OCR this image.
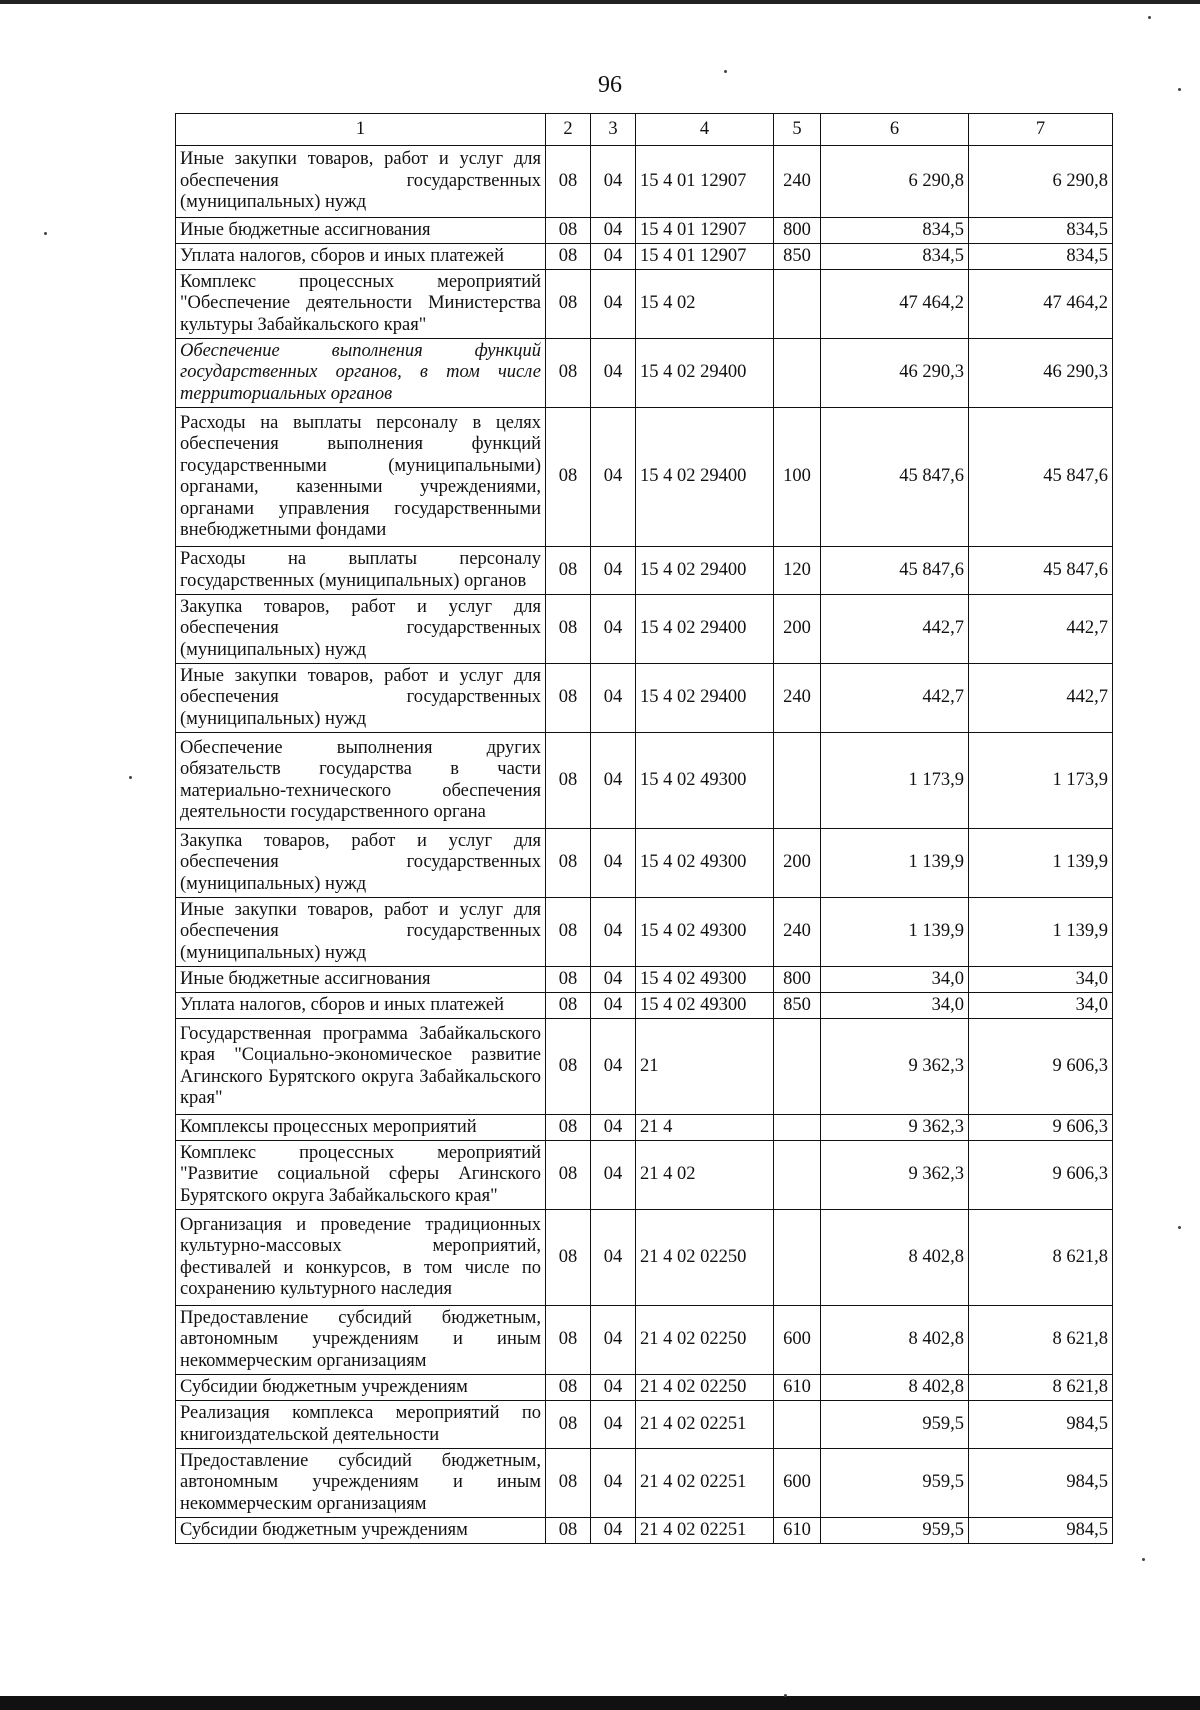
96
1	2	3	4	5	6	7
Иные закупки товаров, работ и услуг для обеспечения государственных (муниципальных) нужд	08	04	15 4 01 12907	240	6 290,8	6 290,8
Иные бюджетные ассигнования	08	04	15 4 01 12907	800	834,5	834,5
Уплата налогов, сборов и иных платежей	08	04	15 4 01 12907	850	834,5	834,5
Комплекс процессных мероприятий "Обеспечение деятельности Министерства культуры Забайкальского края"	08	04	15 4 02		47 464,2	47 464,2
Обеспечение выполнения функций государственных органов, в том числе территориальных органов	08	04	15 4 02 29400		46 290,3	46 290,3
Расходы на выплаты персоналу в целях обеспечения выполнения функций государственными (муниципальными) органами, казенными учреждениями, органами управления государственными внебюджетными фондами	08	04	15 4 02 29400	100	45 847,6	45 847,6
Расходы на выплаты персоналу государственных (муниципальных) органов	08	04	15 4 02 29400	120	45 847,6	45 847,6
Закупка товаров, работ и услуг для обеспечения государственных (муниципальных) нужд	08	04	15 4 02 29400	200	442,7	442,7
Иные закупки товаров, работ и услуг для обеспечения государственных (муниципальных) нужд	08	04	15 4 02 29400	240	442,7	442,7
Обеспечение выполнения других обязательств государства в части материально-технического обеспечения деятельности государственного органа	08	04	15 4 02 49300		1 173,9	1 173,9
Закупка товаров, работ и услуг для обеспечения государственных (муниципальных) нужд	08	04	15 4 02 49300	200	1 139,9	1 139,9
Иные закупки товаров, работ и услуг для обеспечения государственных (муниципальных) нужд	08	04	15 4 02 49300	240	1 139,9	1 139,9
Иные бюджетные ассигнования	08	04	15 4 02 49300	800	34,0	34,0
Уплата налогов, сборов и иных платежей	08	04	15 4 02 49300	850	34,0	34,0
Государственная программа Забайкальского края "Социально-экономическое развитие Агинского Бурятского округа Забайкальского края"	08	04	21		9 362,3	9 606,3
Комплексы процессных мероприятий	08	04	21 4		9 362,3	9 606,3
Комплекс процессных мероприятий "Развитие социальной сферы Агинского Бурятского округа Забайкальского края"	08	04	21 4 02		9 362,3	9 606,3
Организация и проведение традиционных культурно-массовых мероприятий, фестивалей и конкурсов, в том числе по сохранению культурного наследия	08	04	21 4 02 02250		8 402,8	8 621,8
Предоставление субсидий бюджетным, автономным учреждениям и иным некоммерческим организациям	08	04	21 4 02 02250	600	8 402,8	8 621,8
Субсидии бюджетным учреждениям	08	04	21 4 02 02250	610	8 402,8	8 621,8
Реализация комплекса мероприятий по книгоиздательской деятельности	08	04	21 4 02 02251		959,5	984,5
Предоставление субсидий бюджетным, автономным учреждениям и иным некоммерческим организациям	08	04	21 4 02 02251	600	959,5	984,5
Субсидии бюджетным учреждениям	08	04	21 4 02 02251	610	959,5	984,5
